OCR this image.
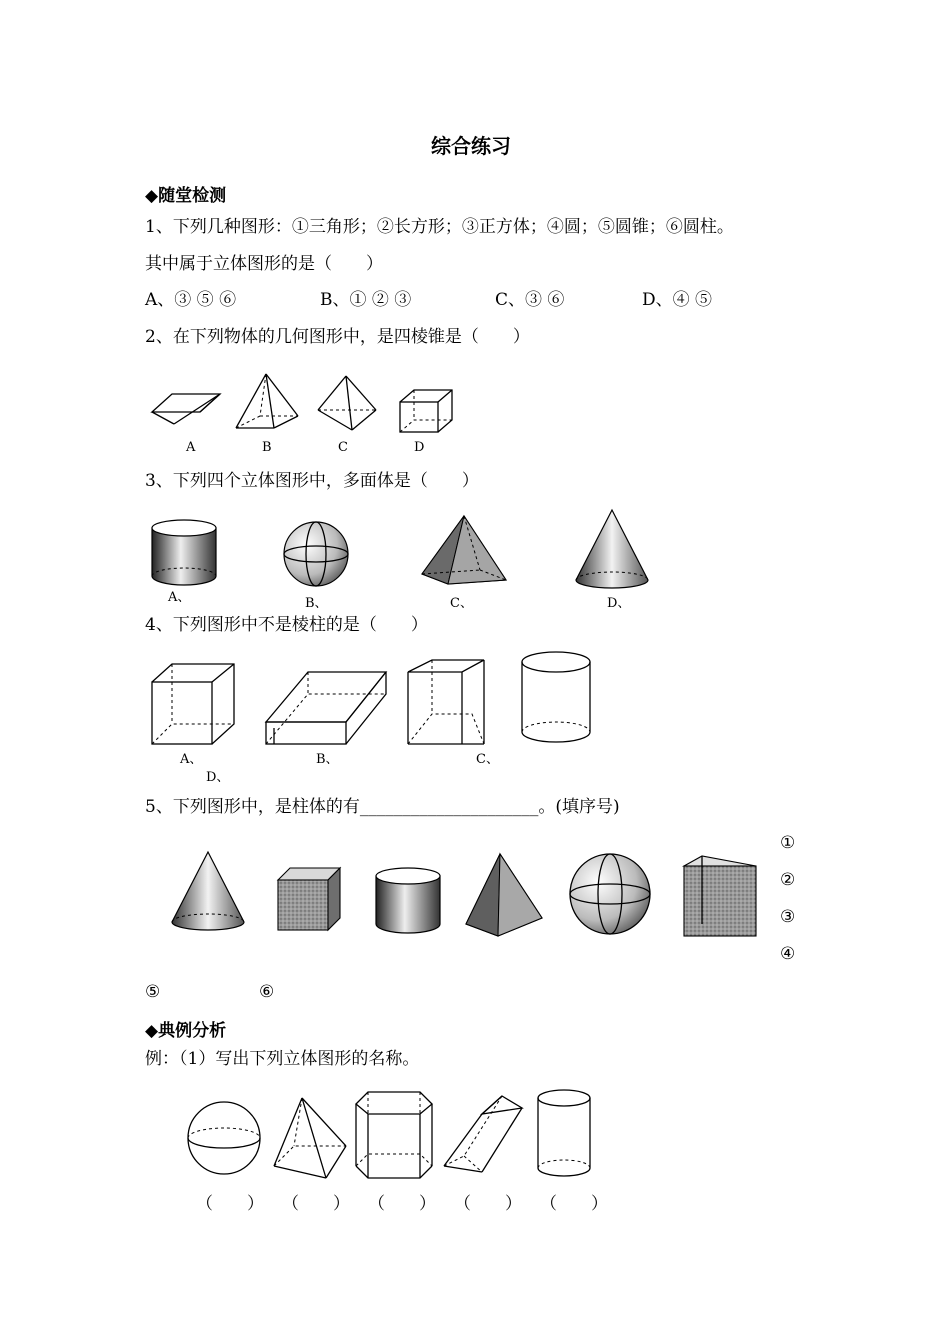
综合练习
◆随堂检测
1、下列几种图形：①三角形；②长方形；③正方体；④圆；⑤圆锥；⑥圆柱。
其中属于立体图形的是（　　）
A、③ ⑤ ⑥	B、① ② ③	C、③ ⑥	D、④ ⑤
2、在下列物体的几何图形中，是四棱锥是（　　）
A	B	C	D
3、下列四个立体图形中，多面体是（　　）
A、	B、	C、	D、
4、下列图形中不是棱柱的是（　　）
A、
D、
B、	C、
5、下列图形中，是柱体的有_____________________。(填序号)
①
②
③
④
⑤	⑥
◆典例分析
例：（1）写出下列立体图形的名称。
（　　） （　　） （　　） （　　） （　　）
